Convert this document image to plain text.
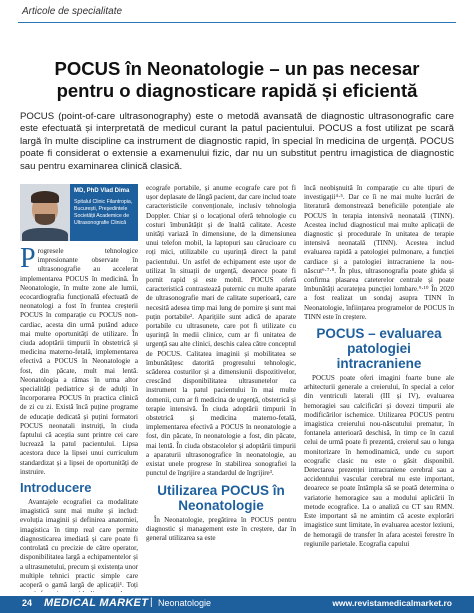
Articole de specialitate
POCUS în Neonatologie – un pas necesar pentru o diagnosticare rapidă și eficientă
POCUS (point-of-care ultrasonography) este o metodă avansată de diagnostic ultrasonografic care este efectuată și interpretată de medicul curant la patul pacientului. POCUS a fost utilizat pe scară largă în multe discipline ca instrument de diagnostic rapid, în special în medicina de urgență. POCUS poate fi considerat o extensie a examenului fizic, dar nu un substitut pentru imagistica de diagnostic sau pentru examinarea clinică clasică.
MD, PhD Vlad Dima
Spitalul Clinic Filantropia, București, Președintele Societății Academice de Ultrasonografie Clinică

Progresele tehnologice impresionante observate în ultrasonografie au accelerat implementarea POCUS în medicină. În Neonatologie, în multe zone ale lumii, ecocardiografia funcțională efectuată de neonatologi a fost în fruntea creșterii POCUS în comparație cu POCUS non-cardiac, acesta din urmă putând aduce mai multe oportunități de utilizare. În ciuda adoptării timpurii în obstetrică și medicina materno-fetală, implementarea efectivă a POCUS în Neonatologie a fost, din păcate, mult mai lentă. Neonatologia a rămas în urma altor specialități pediatrice și de adulți în încorporarea POCUS în practica clinică de zi cu zi. Există încă puține programe de educație dedicată și puțini formatori POCUS neonatali instruiți, în ciuda faptului că aceștia sunt printre cei care lucrează la patul pacientului. Lipsa acestora duce la lipsei unui curriculum standardizat și a lipsei de oportunități de instruire.

Introducere

Avantajele ecografiei ca modalitate imagistică sunt mai multe și includ: evoluția imaginii și definirea anatomiei, imagistica în timp real care permite diagnosticarea imediată și care poate fi controlată cu precizie de către operator, disponibilitatea largă a echipamentelor și a ultrasunetului, precum și existența unor multiple tehnici practic simple care acoperă o gamă largă de aplicații¹. Toți

ecografe portabile, și anume ecografe care pot fi ușor deplasate de lângă pacient, dar care includ toate caracteristicile convenționale, inclusiv tehnologia Doppler. Chiar și o locațional oferă tehnologie cu costuri îmbunătățit și de înaltă calitate. Aceste unități variază în dimensiune, de la dimensiunea unui telefon mobil, la laptopuri sau cărucioare cu roți mici, utilizabile cu ușurință direct la patul pacientului. Un astfel de echipament este ușor de utilizat în situații de urgență, deoarece poate fi pornit rapid și este mobil. POCUS oferă caracteristică contrastează puternic cu multe aparate de ultrasonografie mari de calitate superioară, care necesită adesea timp mai lung de pornire și sunt mai puțin portabile². Aparițiile sunt adică de aparate portabile cu ultrasunete, care pot fi utilizate cu ușurință în medii clinice, cum ar fi unitatea de urgență sau alte clinici, deschis calea către conceptul de POCUS. Calitatea imaginii și mobilitatea se îmbunătățesc datorită progresului tehnologic, scăderea costurilor și a dimensiunii dispozitivelor, crescând disponibilitatea ultrasunetelor ca instrument la patul pacientului în mai multe domenii, cum ar fi medicina de urgență, obstetrică și terapie intensivă. În ciuda adoptării timpurii în obstetrică și medicina materno-fetală, implementarea efectivă a POCUS în neonatologie a fost, din păcate, în neonatologie a fost, din păcate, mai lentă. În ciuda obstacolelor și adoptării timpurii a aparaturii ultrasonografice în neonatologie, au existat unele progrese în stabilirea sonografiei la punctul de îngrijire a standardul de îngrijire³.

Utilizarea POCUS în Neonatologie

În Neonatologie, pregătirea în POCUS pentru diagnostic și management este în creștere, dar în general utilizarea sa este

încă neobișnuită în comparație cu alte tipuri de investigații⁴·⁵. Dar ce îi ne mai multe lucrări de literatură demonstrează beneficiile potențiale ale POCUS în terapia intensivă neonatală (TINN). Acestea includ diagnosticul mai multe aplicații de diagnostic și procedurale în unitatea de terapie intensivă neonatală (TINN). Acestea includ evaluarea rapidă a patologiei pulmonare, a funcției cardiace și a patologiei intracraniene la nou-născut⁶·⁷·⁸. În plus, ultrasonografia poate ghida și confirma plasarea cateterelor centrale și poate îmbunătăți acuratețea puncției lombare.⁹·¹⁰ În 2020 a fost realizat un sondaj asupra TINN în Neonatologie, înființarea programelor de POCUS în TINN este în creștere.

POCUS – evaluarea patologiei intracraniene

POCUS poate oferi imagini foarte bune ale arhitecturii generale a creierului, în special a celor din ventriculi laterali (III și IV), evaluarea hemoragiei sau calcificări și dovezi timpurii ale modificărilor ischemice. Utilizarea POCUS pentru imagistica creierului nou-născutului prematur, în fontanela anterioară deschisă, în timp ce în cazul celui de urmă poate fi prezentă, creierul sau o lunga monitorizare în hemodinamică, unde cu suport ecografic clasic nu este o găsit disponibil. Detectarea prezenței intracraniene cerebral sau a accidentului vascular cerebral nu este important, deoarece se poate întâmpla să se poată determina o variatorie hemoragice sau a modului aplicării în metode ecografice. La o analiză cu CT sau RMN. Este important să ne amintim că aceste explorări imagistice sunt limitate, în evaluarea acestor leziuni, de hemoragii de transfer în afara acestei ferestre în regiunile parietale. Ecografia capului

24 MEDICAL MARKET | Neonatologie	www.revistamedicalmarket.ro
